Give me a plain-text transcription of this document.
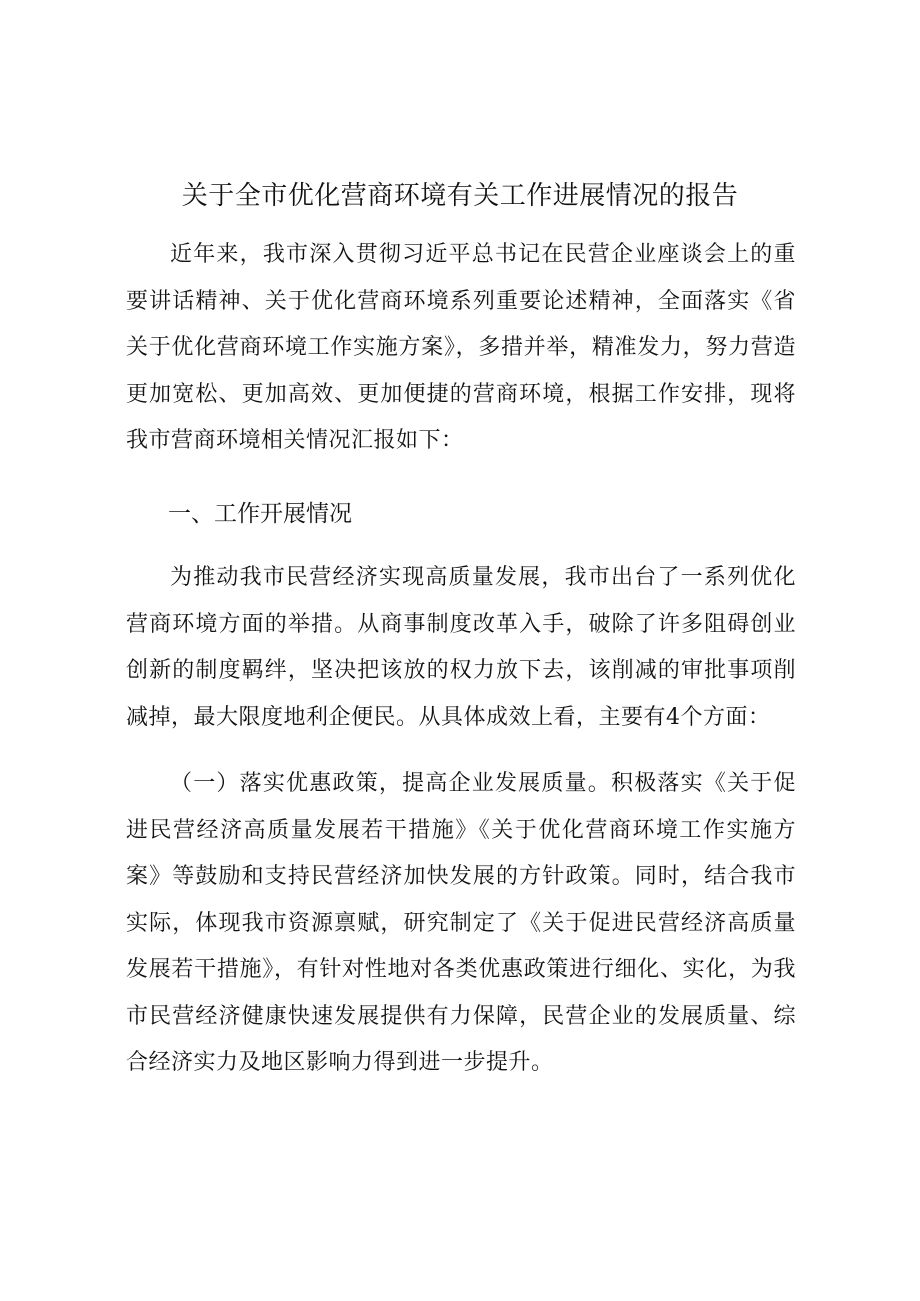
关于全市优化营商环境有关工作进展情况的报告

近年来，我市深入贯彻习近平总书记在民营企业座谈会上的重要讲话精神、关于优化营商环境系列重要论述精神，全面落实《省关于优化营商环境工作实施方案》，多措并举，精准发力，努力营造更加宽松、更加高效、更加便捷的营商环境，根据工作安排，现将我市营商环境相关情况汇报如下：

一、工作开展情况

为推动我市民营经济实现高质量发展，我市出台了一系列优化营商环境方面的举措。从商事制度改革入手，破除了许多阻碍创业创新的制度羁绊，坚决把该放的权力放下去，该削减的审批事项削减掉，最大限度地利企便民。从具体成效上看，主要有4个方面：

（一）落实优惠政策，提高企业发展质量。积极落实《关于促进民营经济高质量发展若干措施》《关于优化营商环境工作实施方案》等鼓励和支持民营经济加快发展的方针政策。同时，结合我市实际，体现我市资源禀赋，研究制定了《关于促进民营经济高质量发展若干措施》，有针对性地对各类优惠政策进行细化、实化，为我市民营经济健康快速发展提供有力保障，民营企业的发展质量、综合经济实力及地区影响力得到进一步提升。
